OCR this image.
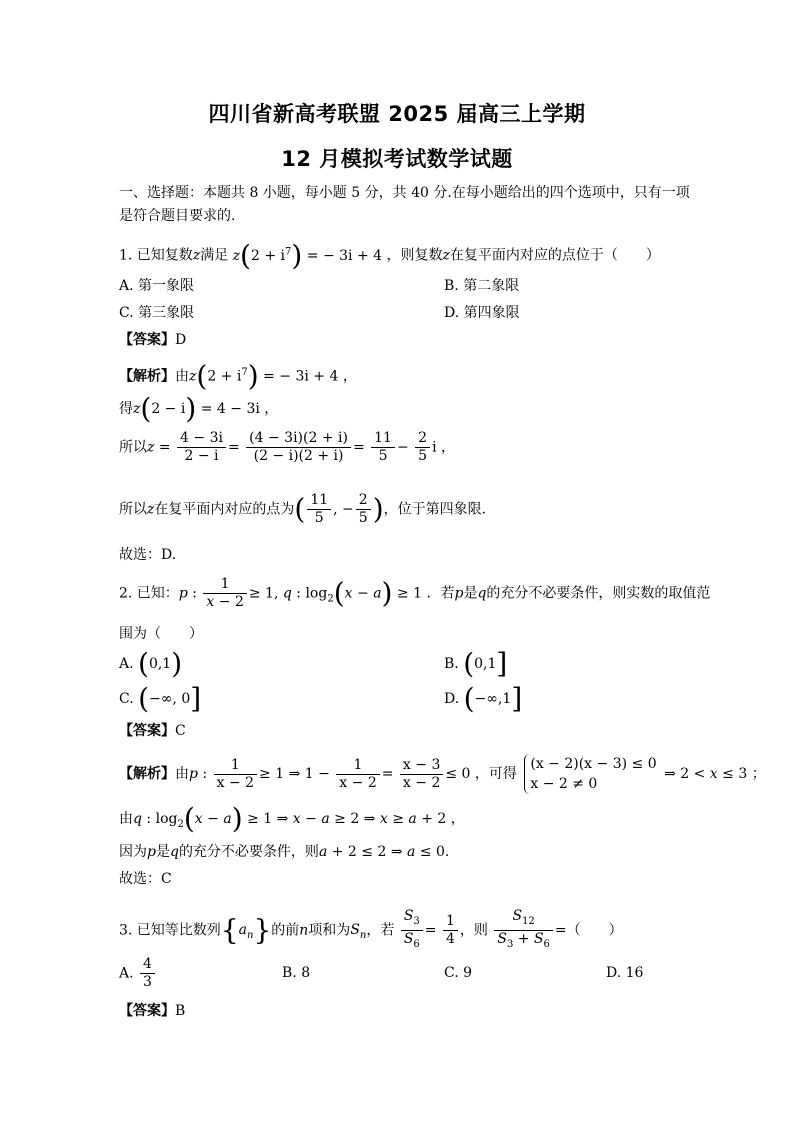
四川省新高考联盟 2025 届高三上学期
12 月模拟考试数学试题
一、选择题：本题共 8 小题，每小题 5 分，共 40 分.在每小题给出的四个选项中，只有一项
是符合题目要求的.
1. 已知复数z满足 $z(2 + i^7)$ = − 3i + 4 ，则复数z在复平面内对应的点位于（　　）
A. 第一象限	B. 第二象限
C. 第三象限	D. 第四象限
【答案】D
【解析】由$z(2 + i^7)$ = − 3i + 4 ，
得z(2 − i) = 4 − 3i ，
所以$z = \frac{4 - 3i}{2 - i} = \frac{(4 - 3i)(2 + i)}{(2 - i)(2 + i)} = \frac{11}{5} - \frac{2}{5}$ i ，
所以z在复平面内对应的点为( $\frac{11}{5}$ , − $\frac{2}{5}$ )，位于第四象限.
故选：D.
2. 已知：p : $\frac{1}{x - 2} \ge 1$, q : $\log_2(x - a) \ge 1$ ．若p是q的充分不必要条件，则实数的取值范
围为（　　）
A. (0,1)	B. (0,1]
C. (−∞, 0]	D. (−∞,1]
【答案】C
【解析】由p : $\frac{1}{x - 2} \ge 1$ ⇒ $1 - \frac{1}{x - 2} = \frac{x - 3}{x - 2} \le 0$ ，可得
(x − 2)(x − 3) ≤ 0
x − 2 ≠ 0
⇒ 2 < x ≤ 3 ；
由q : $\log_2(x - a) \ge 1$ ⇒ x − a ≥ 2 ⇒ x ≥ a + 2 ，
因为p是q的充分不必要条件，则a + 2 ≤ 2 ⇒ a ≤ 0.
故选：C
3. 已知等比数列$\{a_n\}$的前n项和为$S_n$，若 $\frac{S_3}{S_6} = \frac{1}{4}$ ，则 $\frac{S_{12}}{S_3 + S_6}$ =（　　）
A. $\frac{4}{3}$	B. 8	C. 9	D. 16
【答案】B
